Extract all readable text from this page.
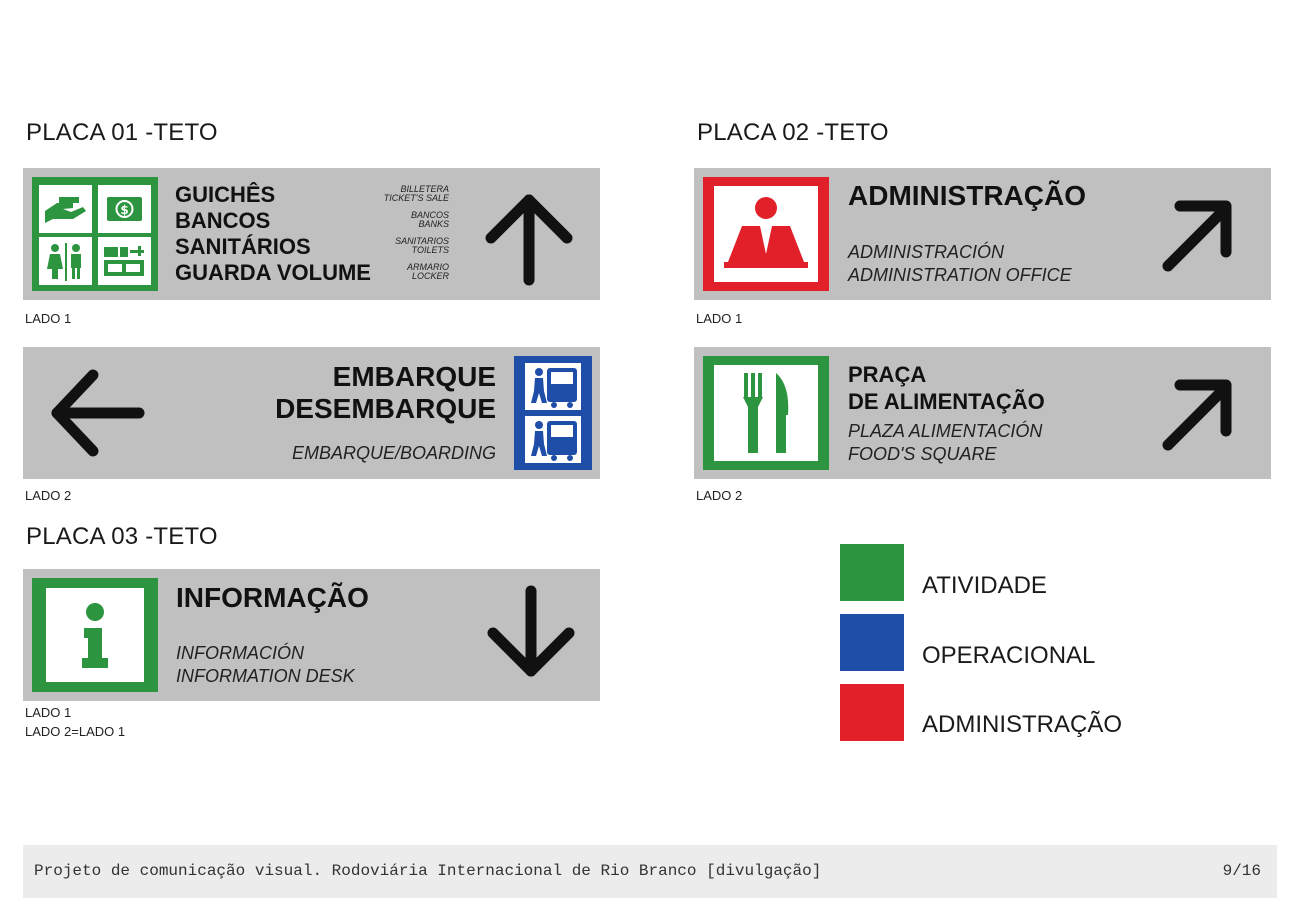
PLACA 01 -TETO
$
GUICHÊS
BANCOS
SANITÁRIOS
GUARDA VOLUME
BILLETERA
TICKET'S SALE
BANCOS
BANKS
SANITARIOS
TOILETS
ARMARIO
LOCKER
LADO 1
EMBARQUE
DESEMBARQUE
EMBARQUE/BOARDING
LADO 2
PLACA 02 -TETO
ADMINISTRAÇÃO
ADMINISTRACIÓN
ADMINISTRATION OFFICE
LADO 1
PRAÇA
DE ALIMENTAÇÃO
PLAZA ALIMENTACIÓN
FOOD'S SQUARE
LADO 2
PLACA 03 -TETO
INFORMAÇÃO
INFORMACIÓN
INFORMATION DESK
LADO 1
LADO 2=LADO 1
ATIVIDADE
OPERACIONAL
ADMINISTRAÇÃO
Projeto de comunicação visual. Rodoviária Internacional de Rio Branco [divulgação]	9/16
